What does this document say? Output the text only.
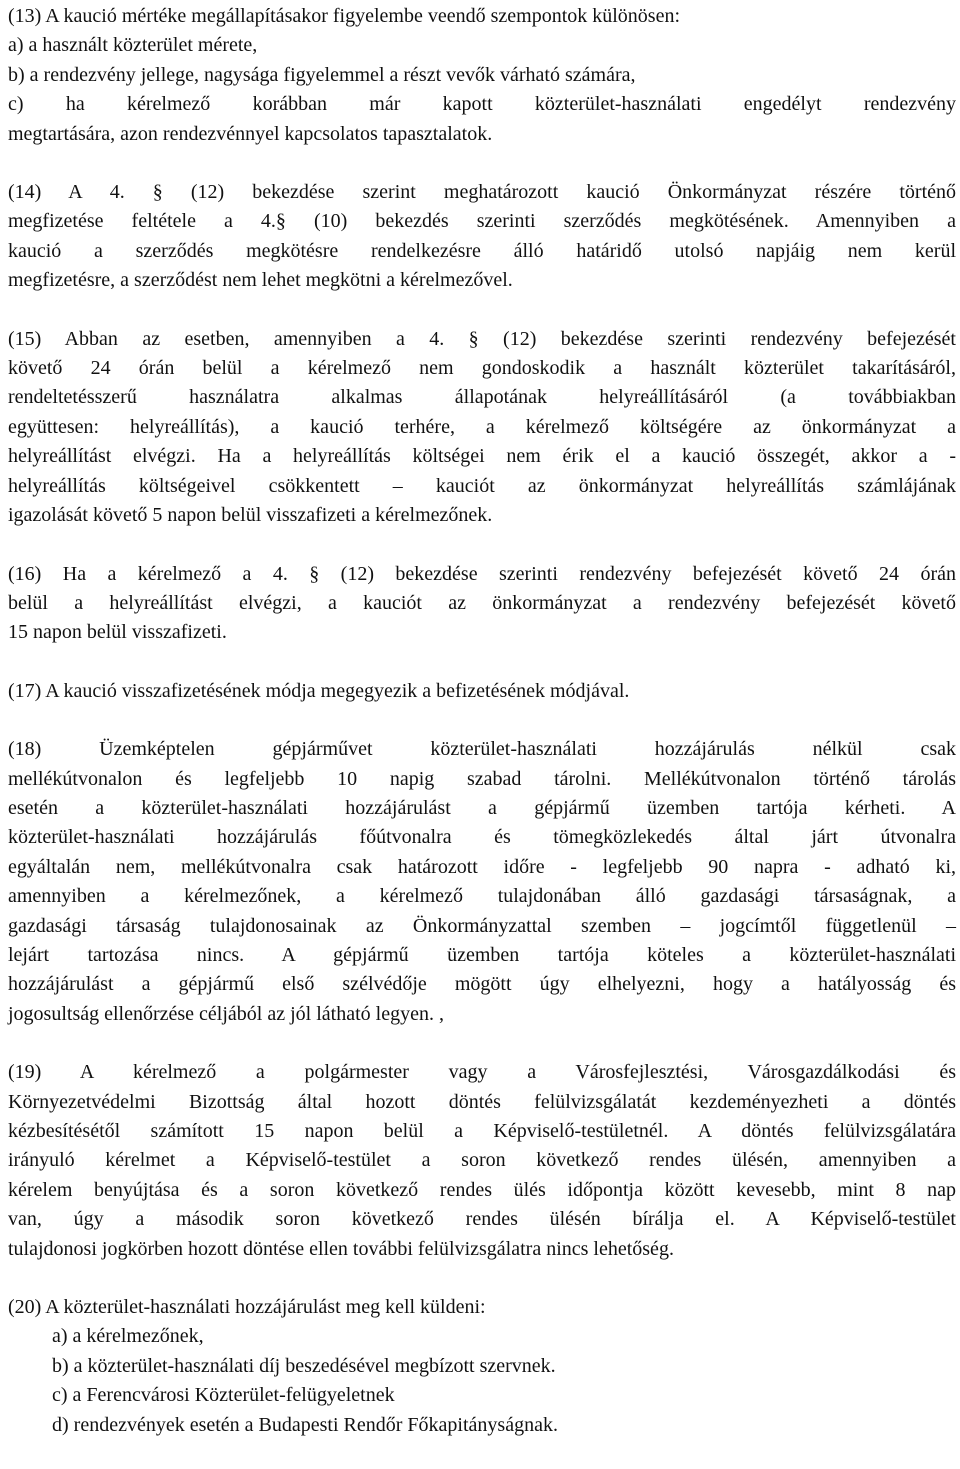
(13) A kaució mértéke megállapításakor figyelembe veendő szempontok különösen:
a) a használt közterület mérete,
b) a rendezvény jellege, nagysága figyelemmel a részt vevők várható számára,
c) ha kérelmező korábban már kapott közterület-használati engedélyt rendezvény
megtartására, azon rendezvénnyel kapcsolatos tapasztalatok.
(14) A 4. § (12) bekezdése szerint meghatározott kaució Önkormányzat részére történő
megfizetése feltétele a 4.§ (10) bekezdés szerinti szerződés megkötésének. Amennyiben a
kaució a szerződés megkötésre rendelkezésre álló határidő utolsó napjáig nem kerül
megfizetésre, a szerződést nem lehet megkötni a kérelmezővel.
(15) Abban az esetben, amennyiben a 4. § (12) bekezdése szerinti rendezvény befejezését
követő 24 órán belül a kérelmező nem gondoskodik a használt közterület takarításáról,
rendeltetésszerű használatra alkalmas állapotának helyreállításáról (a továbbiakban
együttesen: helyreállítás), a kaució terhére, a kérelmező költségére az önkormányzat a
helyreállítást elvégzi. Ha a helyreállítás költségei nem érik el a kaució összegét, akkor a -
helyreállítás költségeivel csökkentett – kauciót az önkormányzat helyreállítás számlájának
igazolását követő 5 napon belül visszafizeti a kérelmezőnek.
(16) Ha a kérelmező a 4. § (12) bekezdése szerinti rendezvény befejezését követő 24 órán
belül a helyreállítást elvégzi, a kauciót az önkormányzat a rendezvény befejezését követő
15 napon belül visszafizeti.
(17) A kaució visszafizetésének módja megegyezik a befizetésének módjával.
(18) Üzemképtelen gépjárművet közterület-használati hozzájárulás nélkül csak
mellékútvonalon és legfeljebb 10 napig szabad tárolni. Mellékútvonalon történő tárolás
esetén a közterület-használati hozzájárulást a gépjármű üzemben tartója kérheti. A
közterület-használati hozzájárulás főútvonalra és tömegközlekedés által járt útvonalra
egyáltalán nem, mellékútvonalra csak határozott időre - legfeljebb 90 napra - adható ki,
amennyiben a kérelmezőnek, a kérelmező tulajdonában álló gazdasági társaságnak, a
gazdasági társaság tulajdonosainak az Önkormányzattal szemben – jogcímtől függetlenül –
lejárt tartozása nincs. A gépjármű üzemben tartója köteles a közterület-használati
hozzájárulást a gépjármű első szélvédője mögött úgy elhelyezni, hogy a hatályosság és
jogosultság ellenőrzése céljából az jól látható legyen. ,
(19) A kérelmező a polgármester vagy a Városfejlesztési, Városgazdálkodási és
Környezetvédelmi Bizottság által hozott döntés felülvizsgálatát kezdeményezheti a döntés
kézbesítésétől számított 15 napon belül a Képviselő-testületnél. A döntés felülvizsgálatára
irányuló kérelmet a Képviselő-testület a soron következő rendes ülésén, amennyiben a
kérelem benyújtása és a soron következő rendes ülés időpontja között kevesebb, mint 8 nap
van, úgy a második soron következő rendes ülésén bírálja el. A Képviselő-testület
tulajdonosi jogkörben hozott döntése ellen további felülvizsgálatra nincs lehetőség.
(20) A közterület-használati hozzájárulást meg kell küldeni:
a) a kérelmezőnek,
b) a közterület-használati díj beszedésével megbízott szervnek.
c) a Ferencvárosi Közterület-felügyeletnek
d) rendezvények esetén a Budapesti Rendőr Főkapitányságnak.
